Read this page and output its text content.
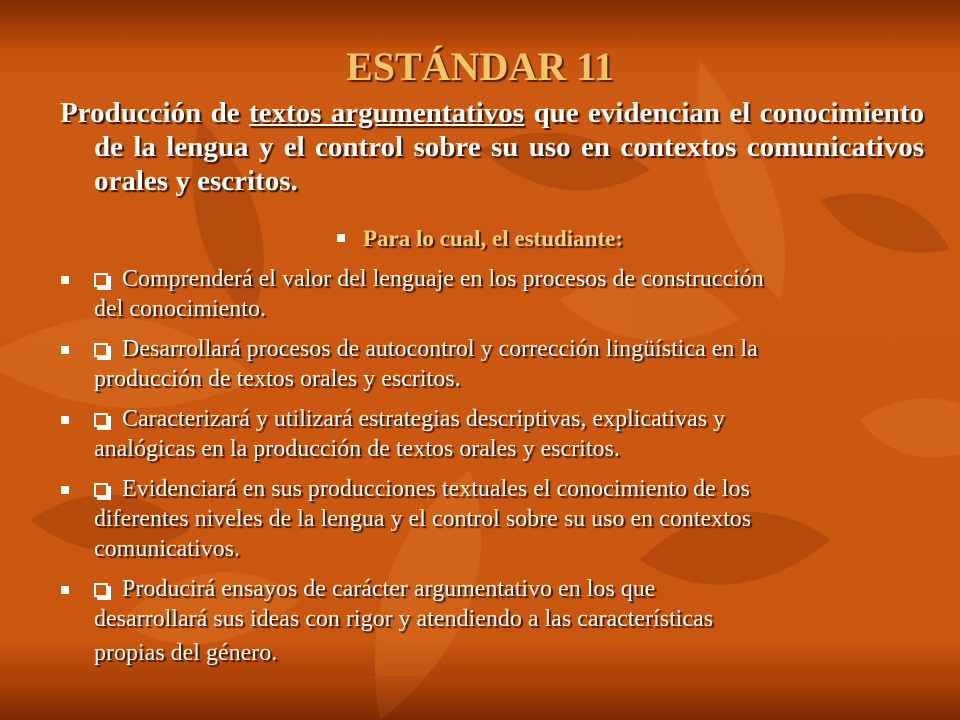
ESTÁNDAR 11
Producción de textos argumentativos que evidencian el conocimiento de la lengua y el control sobre su uso en contextos comunicativos orales y escritos.
Para lo cual, el estudiante:
Comprenderá el valor del lenguaje en los procesos de construcción
del conocimiento.
Desarrollará procesos de autocontrol y corrección lingüística en la
producción de textos orales y escritos.
Caracterizará y utilizará estrategias descriptivas, explicativas y
analógicas en la producción de textos orales y escritos.
Evidenciará en sus producciones textuales el conocimiento de los
diferentes niveles de la lengua y el control sobre su uso en contextos
comunicativos.
Producirá ensayos de carácter argumentativo en los que
desarrollará sus ideas con rigor y atendiendo a las características
propias del género.
